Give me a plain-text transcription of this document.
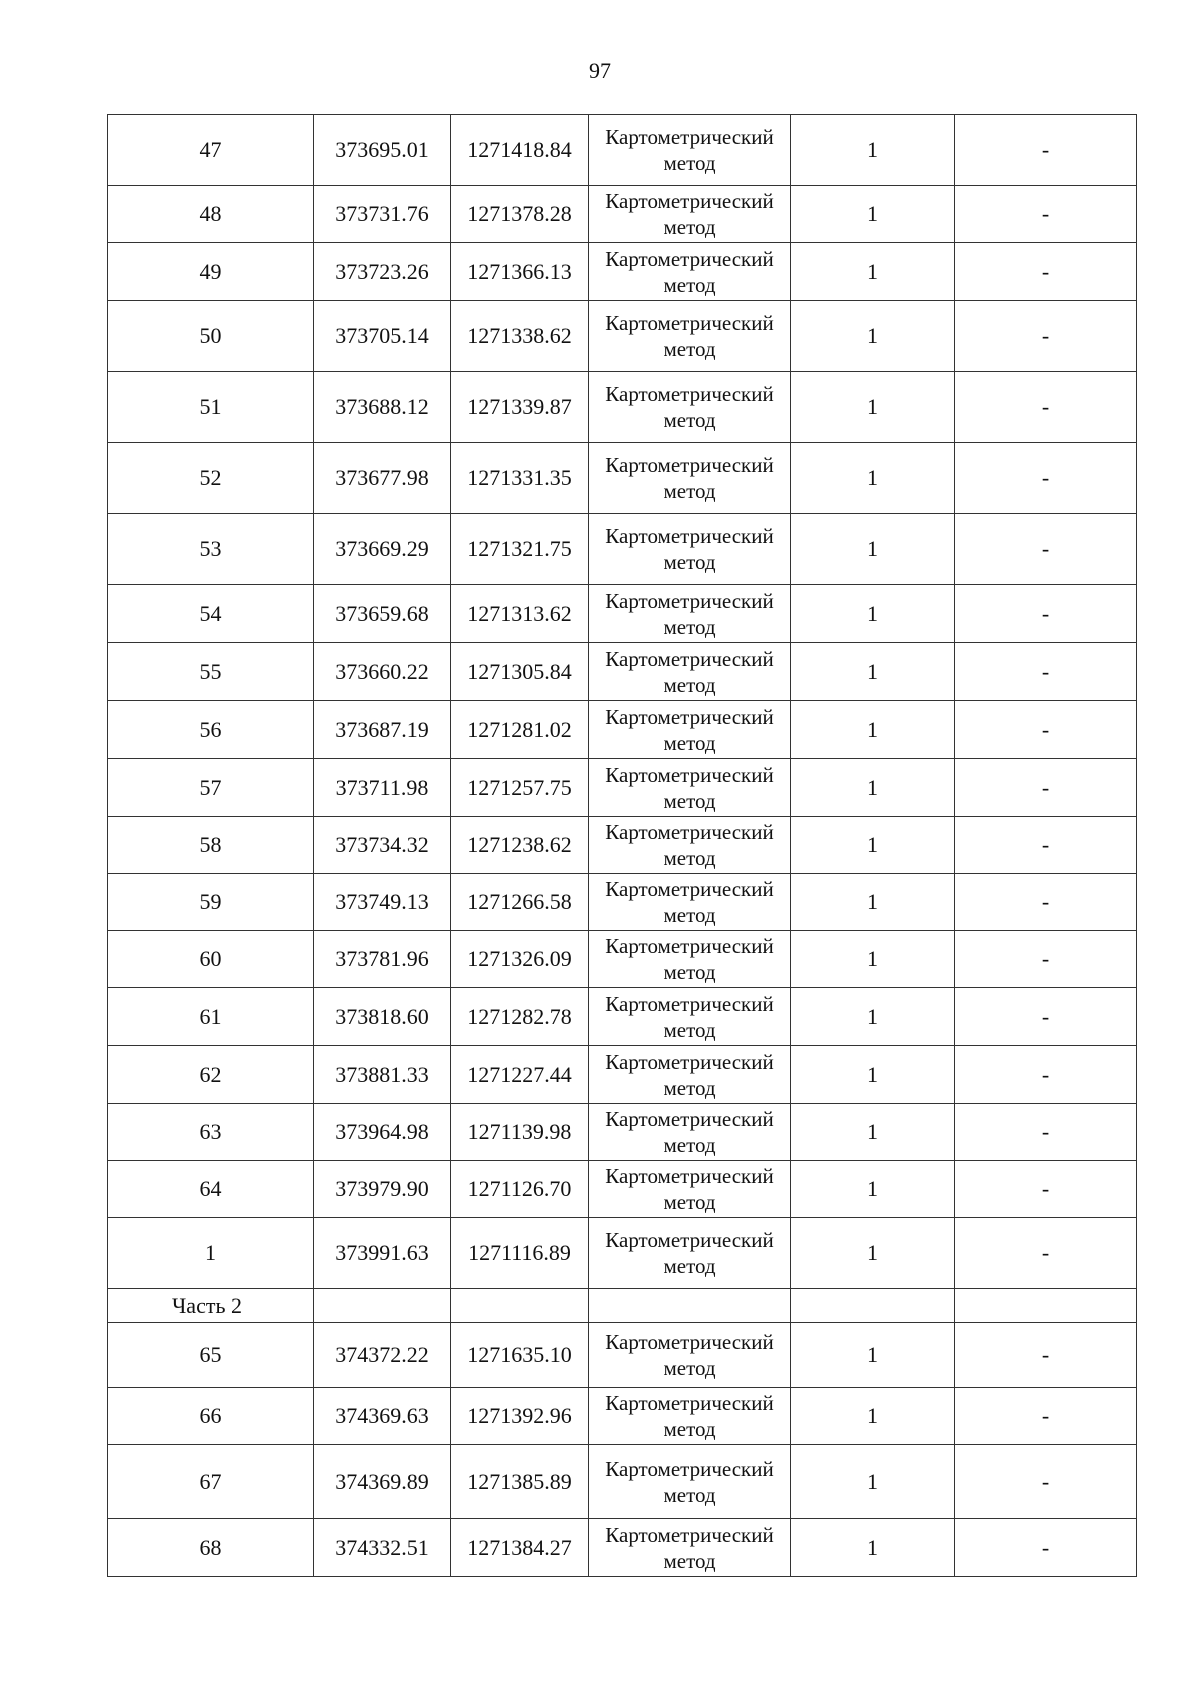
97
47	373695.01	1271418.84	Картометрический метод	1	-
48	373731.76	1271378.28	Картометрический метод	1	-
49	373723.26	1271366.13	Картометрический метод	1	-
50	373705.14	1271338.62	Картометрический метод	1	-
51	373688.12	1271339.87	Картометрический метод	1	-
52	373677.98	1271331.35	Картометрический метод	1	-
53	373669.29	1271321.75	Картометрический метод	1	-
54	373659.68	1271313.62	Картометрический метод	1	-
55	373660.22	1271305.84	Картометрический метод	1	-
56	373687.19	1271281.02	Картометрический метод	1	-
57	373711.98	1271257.75	Картометрический метод	1	-
58	373734.32	1271238.62	Картометрический метод	1	-
59	373749.13	1271266.58	Картометрический метод	1	-
60	373781.96	1271326.09	Картометрический метод	1	-
61	373818.60	1271282.78	Картометрический метод	1	-
62	373881.33	1271227.44	Картометрический метод	1	-
63	373964.98	1271139.98	Картометрический метод	1	-
64	373979.90	1271126.70	Картометрический метод	1	-
1	373991.63	1271116.89	Картометрический метод	1	-
Часть 2					
65	374372.22	1271635.10	Картометрический метод	1	-
66	374369.63	1271392.96	Картометрический метод	1	-
67	374369.89	1271385.89	Картометрический метод	1	-
68	374332.51	1271384.27	Картометрический метод	1	-
